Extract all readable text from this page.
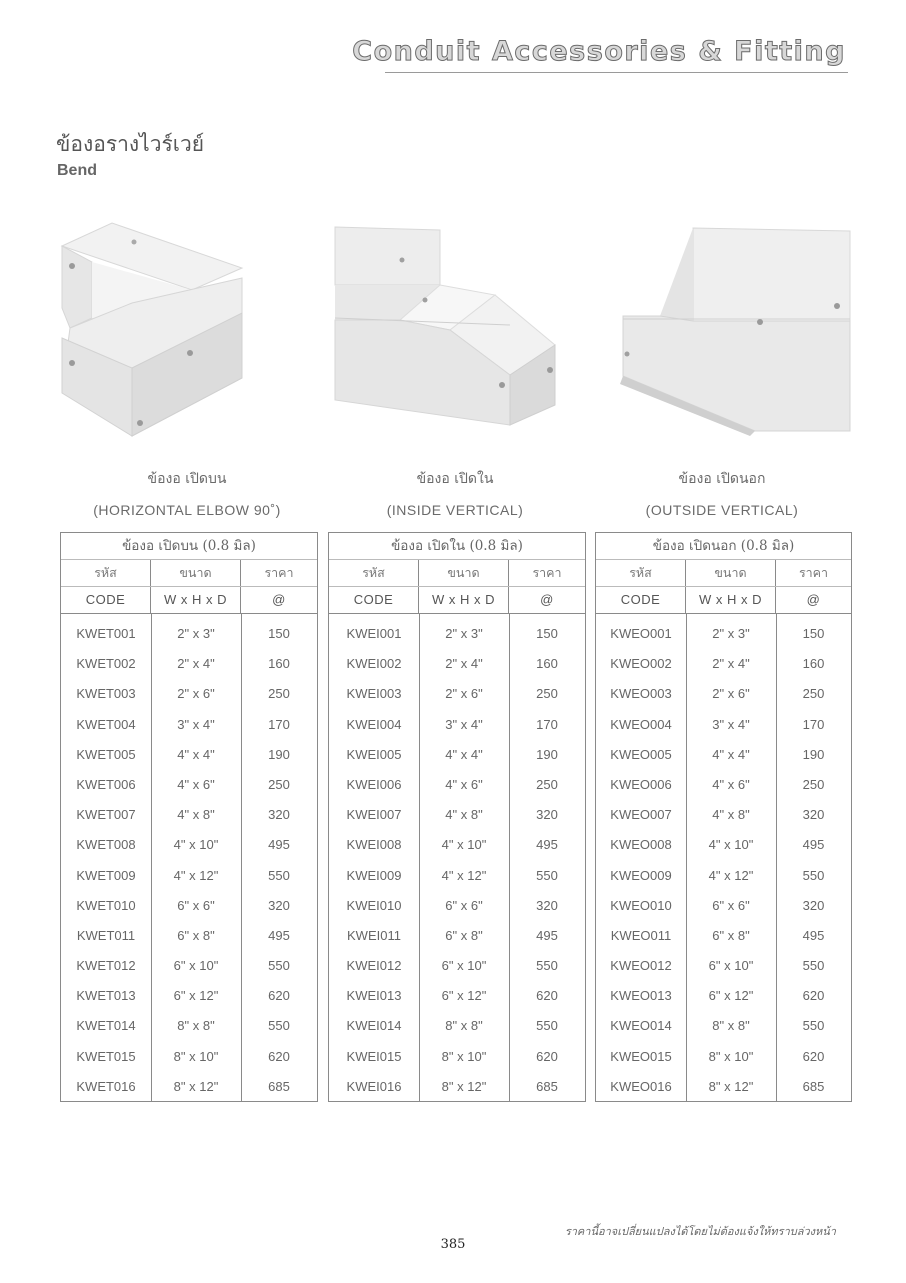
Conduit Accessories & Fitting
ข้องอรางไวร์เวย์
Bend
ข้องอ เปิดบน
(HORIZONTAL ELBOW 90˚)
ข้องอ เปิดใน
(INSIDE VERTICAL)
ข้องอ เปิดนอก
(OUTSIDE VERTICAL)
ข้องอ เปิดบน (0.8 มิล)
รหัส	ขนาด	ราคา
CODE	W x H x D	@
KWET001	2" x 3"	150
KWET002	2" x 4"	160
KWET003	2" x 6"	250
KWET004	3" x 4"	170
KWET005	4" x 4"	190
KWET006	4" x 6"	250
KWET007	4" x 8"	320
KWET008	4" x 10"	495
KWET009	4" x 12"	550
KWET010	6" x 6"	320
KWET011	6" x 8"	495
KWET012	6" x 10"	550
KWET013	6" x 12"	620
KWET014	8" x 8"	550
KWET015	8" x 10"	620
KWET016	8" x 12"	685
ข้องอ เปิดใน (0.8 มิล)
รหัส	ขนาด	ราคา
CODE	W x H x D	@
KWEI001	2" x 3"	150
KWEI002	2" x 4"	160
KWEI003	2" x 6"	250
KWEI004	3" x 4"	170
KWEI005	4" x 4"	190
KWEI006	4" x 6"	250
KWEI007	4" x 8"	320
KWEI008	4" x 10"	495
KWEI009	4" x 12"	550
KWEI010	6" x 6"	320
KWEI011	6" x 8"	495
KWEI012	6" x 10"	550
KWEI013	6" x 12"	620
KWEI014	8" x 8"	550
KWEI015	8" x 10"	620
KWEI016	8" x 12"	685
ข้องอ เปิดนอก (0.8 มิล)
รหัส	ขนาด	ราคา
CODE	W x H x D	@
KWEO001	2" x 3"	150
KWEO002	2" x 4"	160
KWEO003	2" x 6"	250
KWEO004	3" x 4"	170
KWEO005	4" x 4"	190
KWEO006	4" x 6"	250
KWEO007	4" x 8"	320
KWEO008	4" x 10"	495
KWEO009	4" x 12"	550
KWEO010	6" x 6"	320
KWEO011	6" x 8"	495
KWEO012	6" x 10"	550
KWEO013	6" x 12"	620
KWEO014	8" x 8"	550
KWEO015	8" x 10"	620
KWEO016	8" x 12"	685
ราคานี้อาจเปลี่ยนแปลงได้โดยไม่ต้องแจ้งให้ทราบล่วงหน้า
385
